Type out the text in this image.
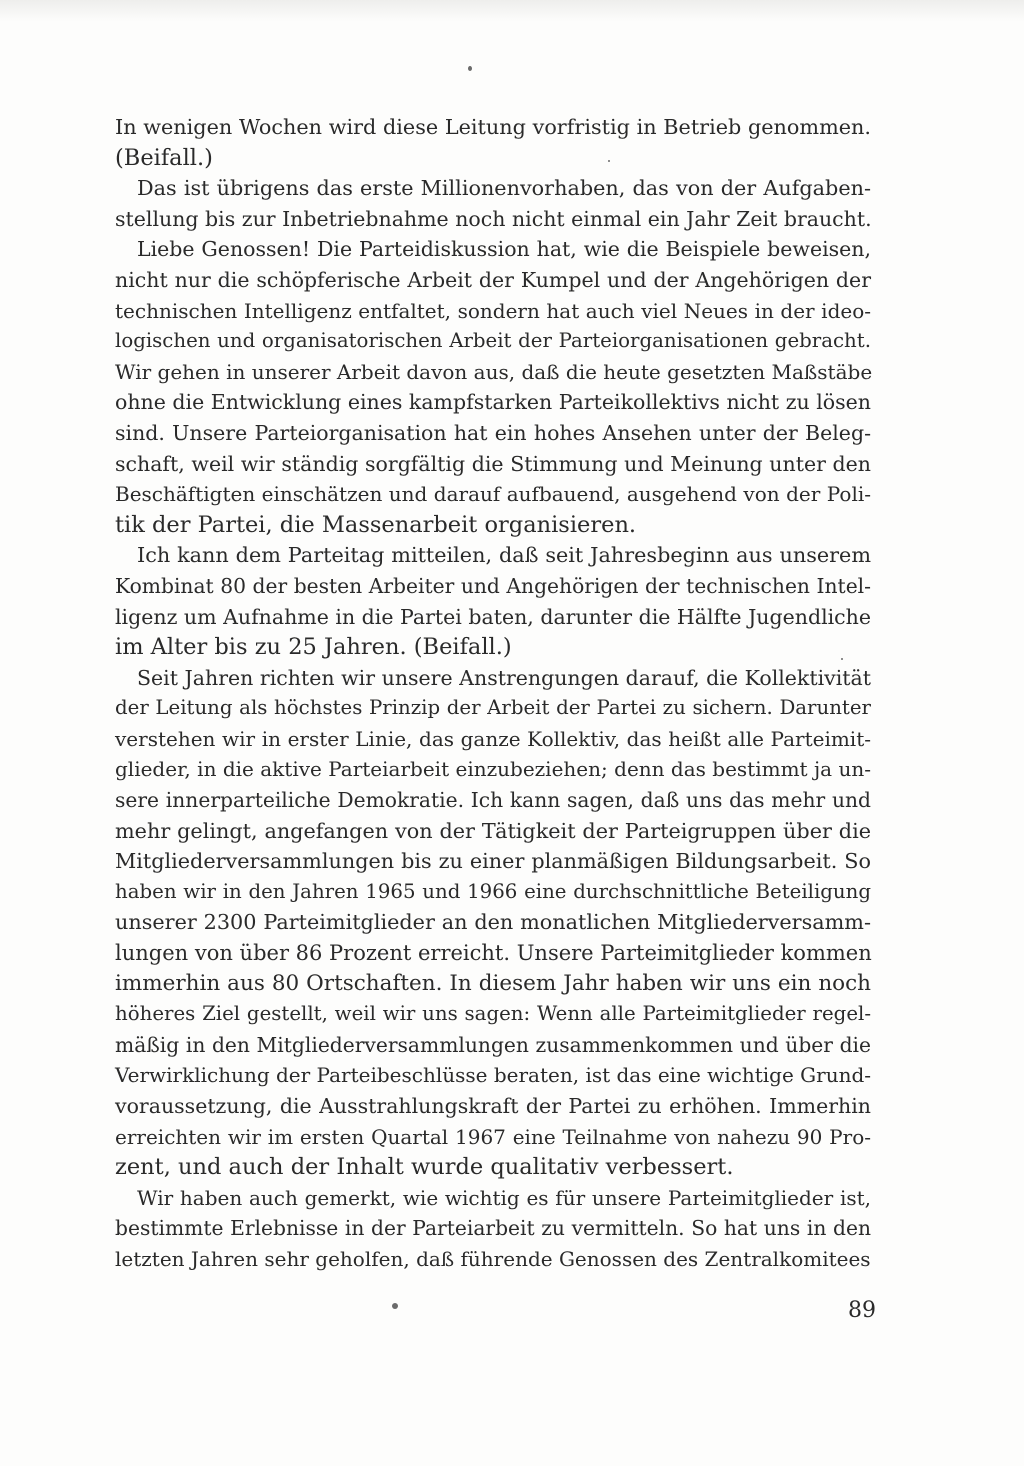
In wenigen Wochen wird diese Leitung vorfristig in Betrieb genommen.
(Beifall.)
Das ist übrigens das erste Millionenvorhaben, das von der Aufgaben-
stellung bis zur Inbetriebnahme noch nicht einmal ein Jahr Zeit braucht.
Liebe Genossen! Die Parteidiskussion hat, wie die Beispiele beweisen,
nicht nur die schöpferische Arbeit der Kumpel und der Angehörigen der
technischen Intelligenz entfaltet, sondern hat auch viel Neues in der ideo-
logischen und organisatorischen Arbeit der Parteiorganisationen gebracht.
Wir gehen in unserer Arbeit davon aus, daß die heute gesetzten Maßstäbe
ohne die Entwicklung eines kampfstarken Parteikollektivs nicht zu lösen
sind. Unsere Parteiorganisation hat ein hohes Ansehen unter der Beleg-
schaft, weil wir ständig sorgfältig die Stimmung und Meinung unter den
Beschäftigten einschätzen und darauf aufbauend, ausgehend von der Poli-
tik der Partei, die Massenarbeit organisieren.
Ich kann dem Parteitag mitteilen, daß seit Jahresbeginn aus unserem
Kombinat 80 der besten Arbeiter und Angehörigen der technischen Intel-
ligenz um Aufnahme in die Partei baten, darunter die Hälfte Jugendliche
im Alter bis zu 25 Jahren. (Beifall.)
Seit Jahren richten wir unsere Anstrengungen darauf, die Kollektivität
der Leitung als höchstes Prinzip der Arbeit der Partei zu sichern. Darunter
verstehen wir in erster Linie, das ganze Kollektiv, das heißt alle Parteimit-
glieder, in die aktive Parteiarbeit einzubeziehen; denn das bestimmt ja un-
sere innerparteiliche Demokratie. Ich kann sagen, daß uns das mehr und
mehr gelingt, angefangen von der Tätigkeit der Parteigruppen über die
Mitgliederversammlungen bis zu einer planmäßigen Bildungsarbeit. So
haben wir in den Jahren 1965 und 1966 eine durchschnittliche Beteiligung
unserer 2300 Parteimitglieder an den monatlichen Mitgliederversamm-
lungen von über 86 Prozent erreicht. Unsere Parteimitglieder kommen
immerhin aus 80 Ortschaften. In diesem Jahr haben wir uns ein noch
höheres Ziel gestellt, weil wir uns sagen: Wenn alle Parteimitglieder regel-
mäßig in den Mitgliederversammlungen zusammenkommen und über die
Verwirklichung der Parteibeschlüsse beraten, ist das eine wichtige Grund-
voraussetzung, die Ausstrahlungskraft der Partei zu erhöhen. Immerhin
erreichten wir im ersten Quartal 1967 eine Teilnahme von nahezu 90 Pro-
zent, und auch der Inhalt wurde qualitativ verbessert.
Wir haben auch gemerkt, wie wichtig es für unsere Parteimitglieder ist,
bestimmte Erlebnisse in der Parteiarbeit zu vermitteln. So hat uns in den
letzten Jahren sehr geholfen, daß führende Genossen des Zentralkomitees
89
